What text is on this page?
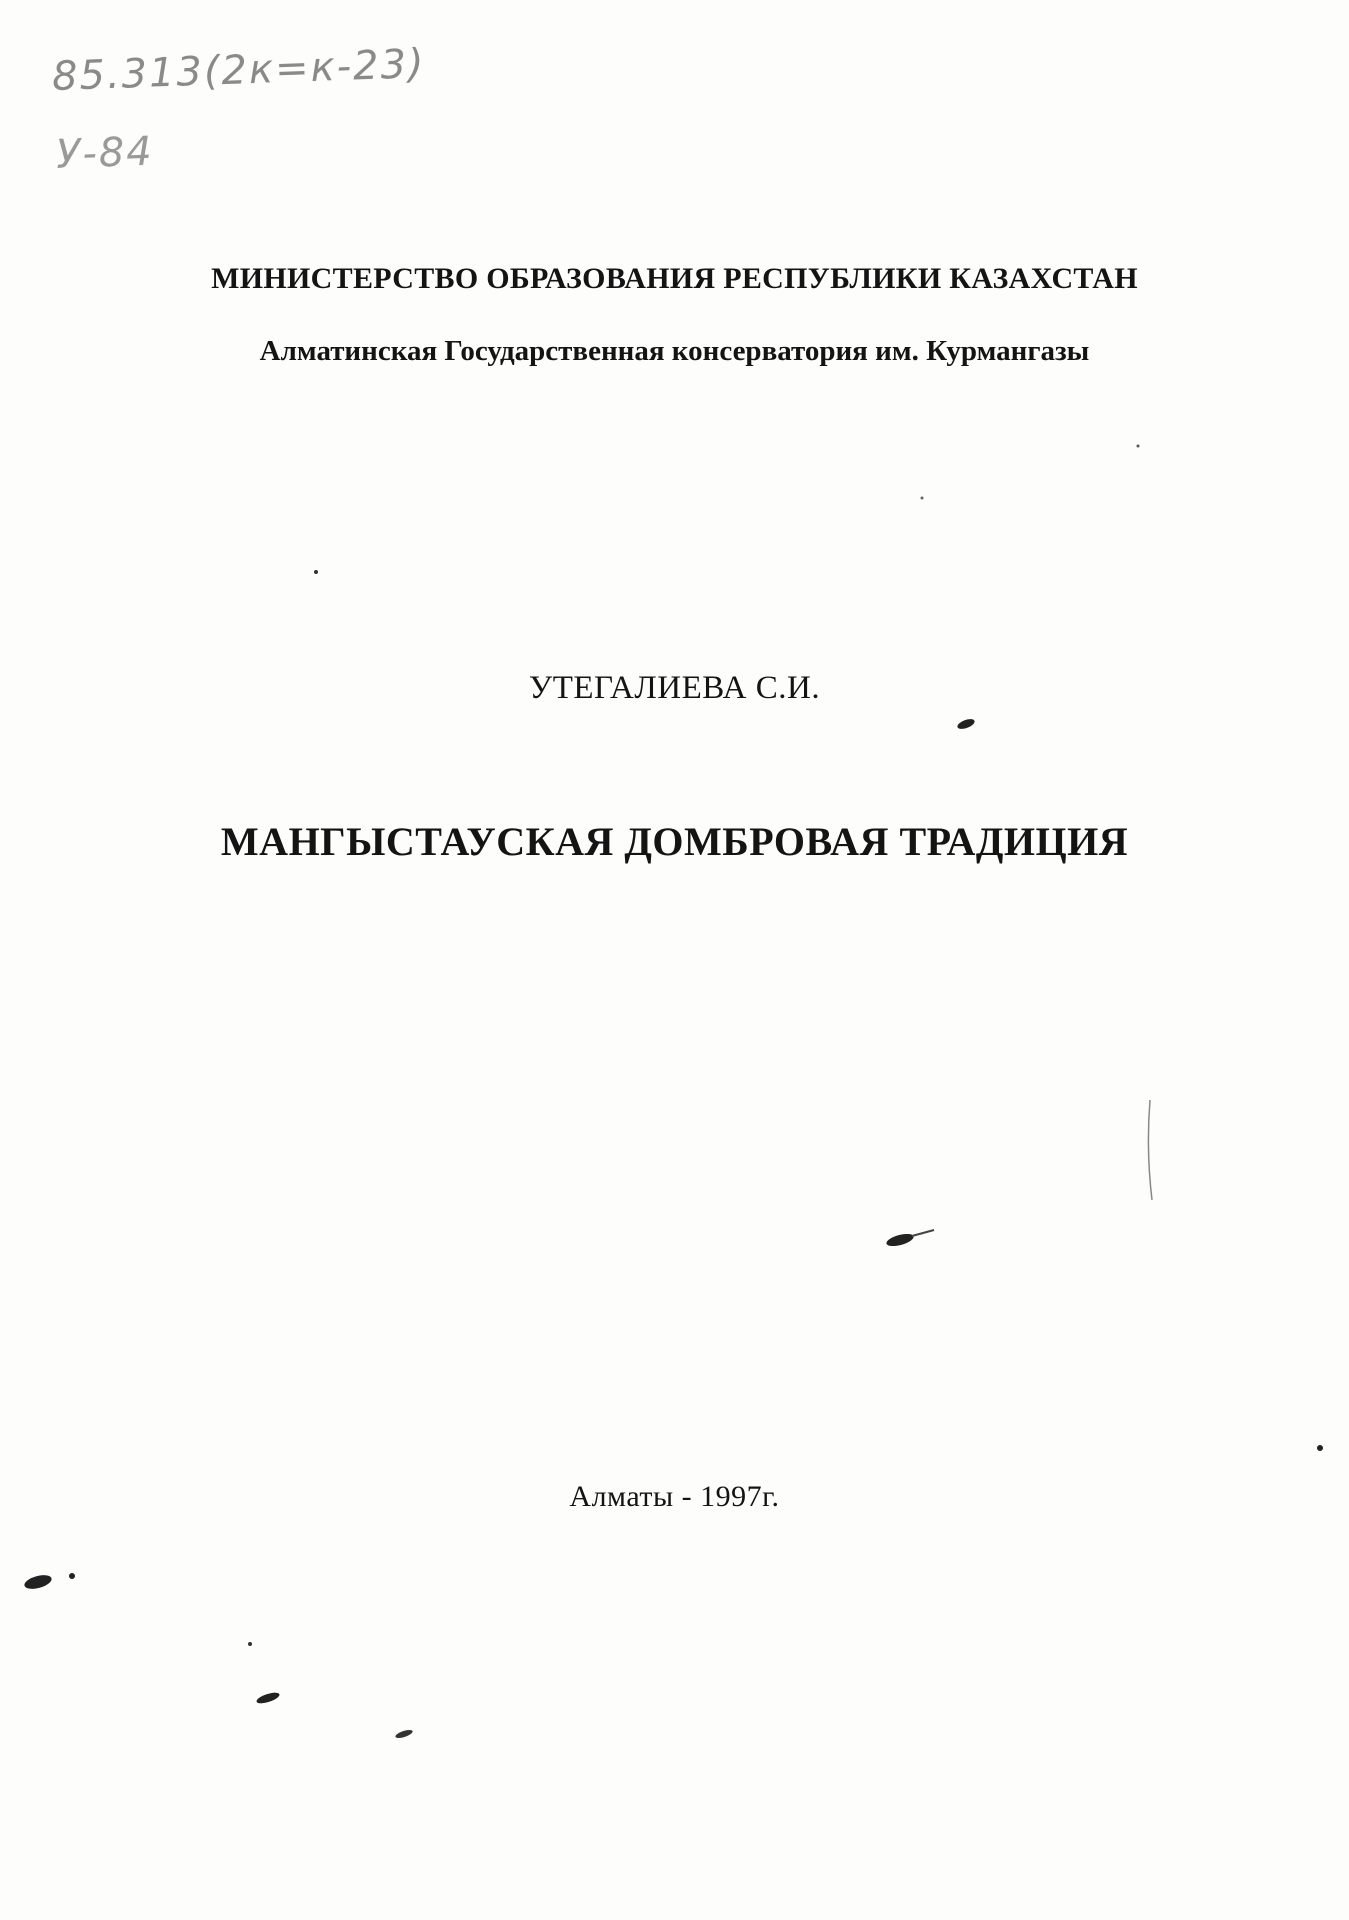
85.313(2к=к-23)
У-84
МИНИСТЕРСТВО ОБРАЗОВАНИЯ РЕСПУБЛИКИ КАЗАХСТАН
Алматинская Государственная консерватория им. Курмангазы
УТЕГАЛИЕВА С.И.
МАНГЫСТАУСКАЯ ДОМБРОВАЯ ТРАДИЦИЯ
Алматы - 1997г.
